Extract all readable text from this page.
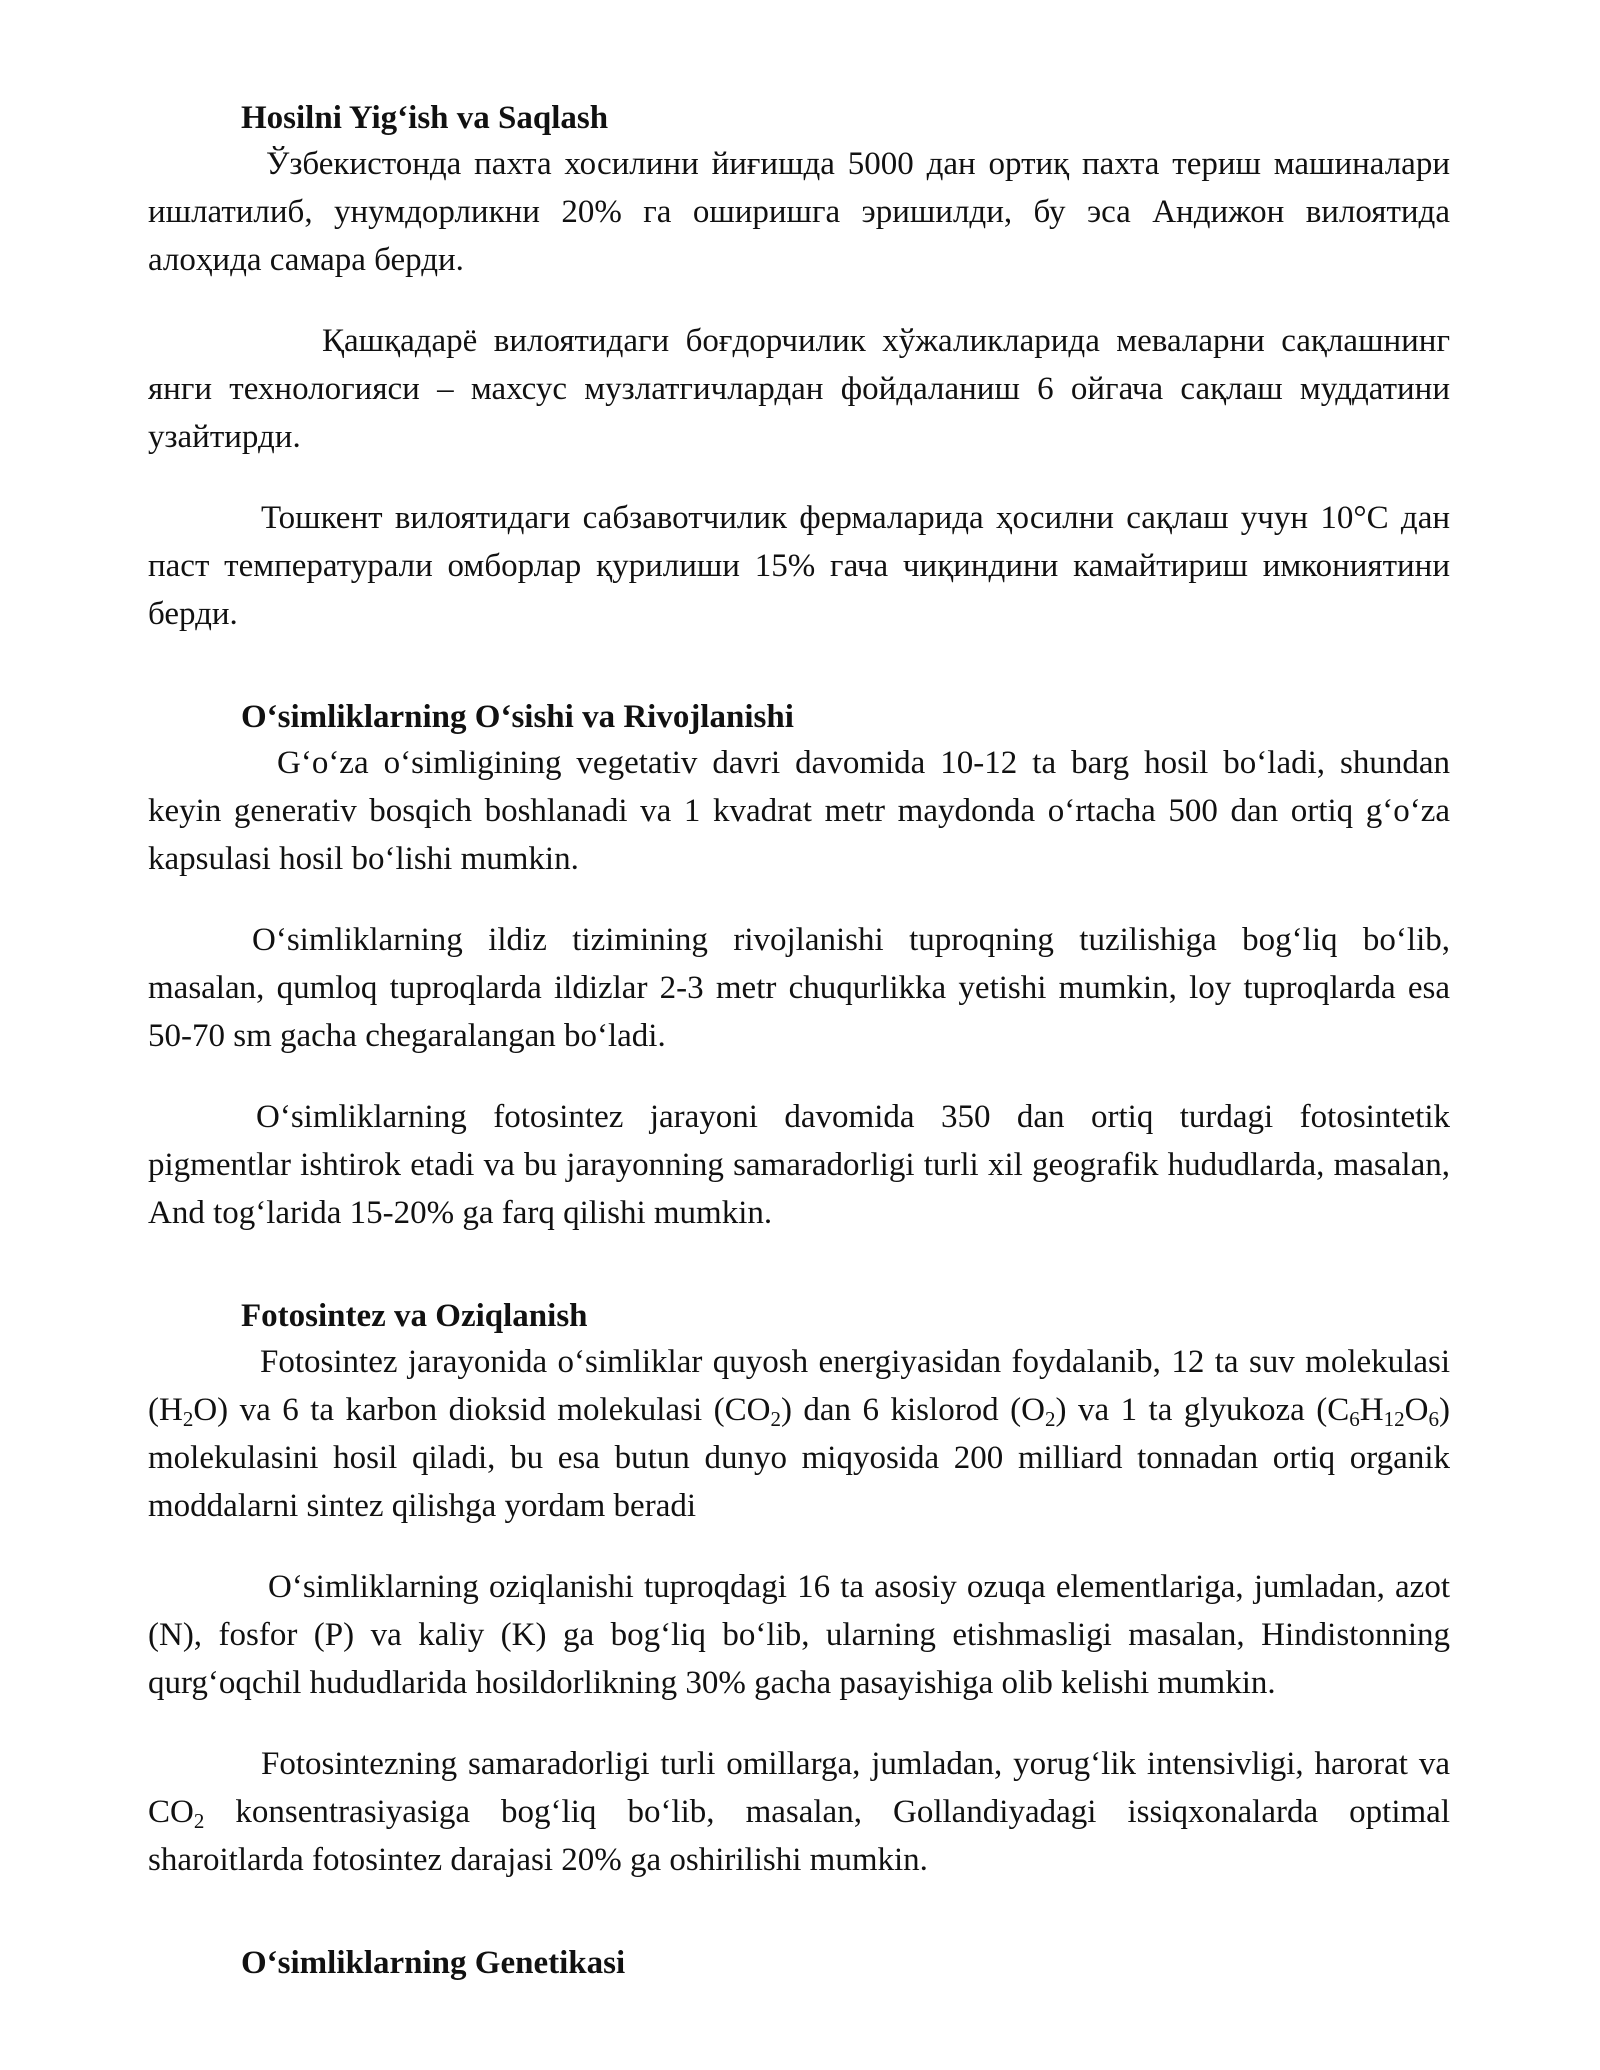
Hosilni Yigʻish va Saqlash

Ўзбекистонда пахта хосилини йиғишда 5000 дан ортиқ пахта териш машиналари ишлатилиб, унумдорликни 20% га оширишга эришилди, бу эса Андижон вилоятида алоҳида самара берди.

Қашқадарё вилоятидаги боғдорчилик хўжаликларида меваларни сақлашнинг янги технологияси – махсус музлатгичлардан фойдаланиш 6 ойгача сақлаш муддатини узайтирди.

Тошкент вилоятидаги сабзавотчилик фермаларида ҳосилни сақлаш учун 10°C дан паст температурали омборлар қурилиши 15% гача чиқиндини камайтириш имкониятини берди.

Oʻsimliklarning Oʻsishi va Rivojlanishi

Gʻoʻza oʻsimligining vegetativ davri davomida 10-12 ta barg hosil boʻladi, shundan keyin generativ bosqich boshlanadi va 1 kvadrat metr maydonda oʻrtacha 500 dan ortiq gʻoʻza kapsulasi hosil boʻlishi mumkin.

Oʻsimliklarning ildiz tizimining rivojlanishi tuproqning tuzilishiga bogʻliq boʻlib, masalan, qumloq tuproqlarda ildizlar 2-3 metr chuqurlikka yetishi mumkin, loy tuproqlarda esa 50-70 sm gacha chegaralangan boʻladi.

Oʻsimliklarning fotosintez jarayoni davomida 350 dan ortiq turdagi fotosintetik pigmentlar ishtirok etadi va bu jarayonning samaradorligi turli xil geografik hududlarda, masalan, And togʻlarida 15-20% ga farq qilishi mumkin.

Fotosintez va Oziqlanish

Fotosintez jarayonida oʻsimliklar quyosh energiyasidan foydalanib, 12 ta suv molekulasi $(H_2O)$ va 6 ta karbon dioksid molekulasi $(CO_2)$ dan 6 kislorod $(O_2)$ va 1 ta glyukoza $(C_6H_{12}O_6)$ molekulasini hosil qiladi, bu esa butun dunyo miqyosida 200 milliard tonnadan ortiq organik moddalarni sintez qilishga yordam beradi

Oʻsimliklarning oziqlanishi tuproqdagi 16 ta asosiy ozuqa elementlariga, jumladan, azot (N), fosfor (P) va kaliy (K) ga bogʻliq boʻlib, ularning etishmasligi masalan, Hindistonning qurgʻoqchil hududlarida hosildorlikning 30% gacha pasayishiga olib kelishi mumkin.

Fotosintezning samaradorligi turli omillarga, jumladan, yorugʻlik intensivligi, harorat va $CO_2$ konsentrasiyasiga bogʻliq boʻlib, masalan, Gollandiyadagi issiqxonalarda optimal sharoitlarda fotosintez darajasi 20% ga oshirilishi mumkin.

Oʻsimliklarning Genetikasi
